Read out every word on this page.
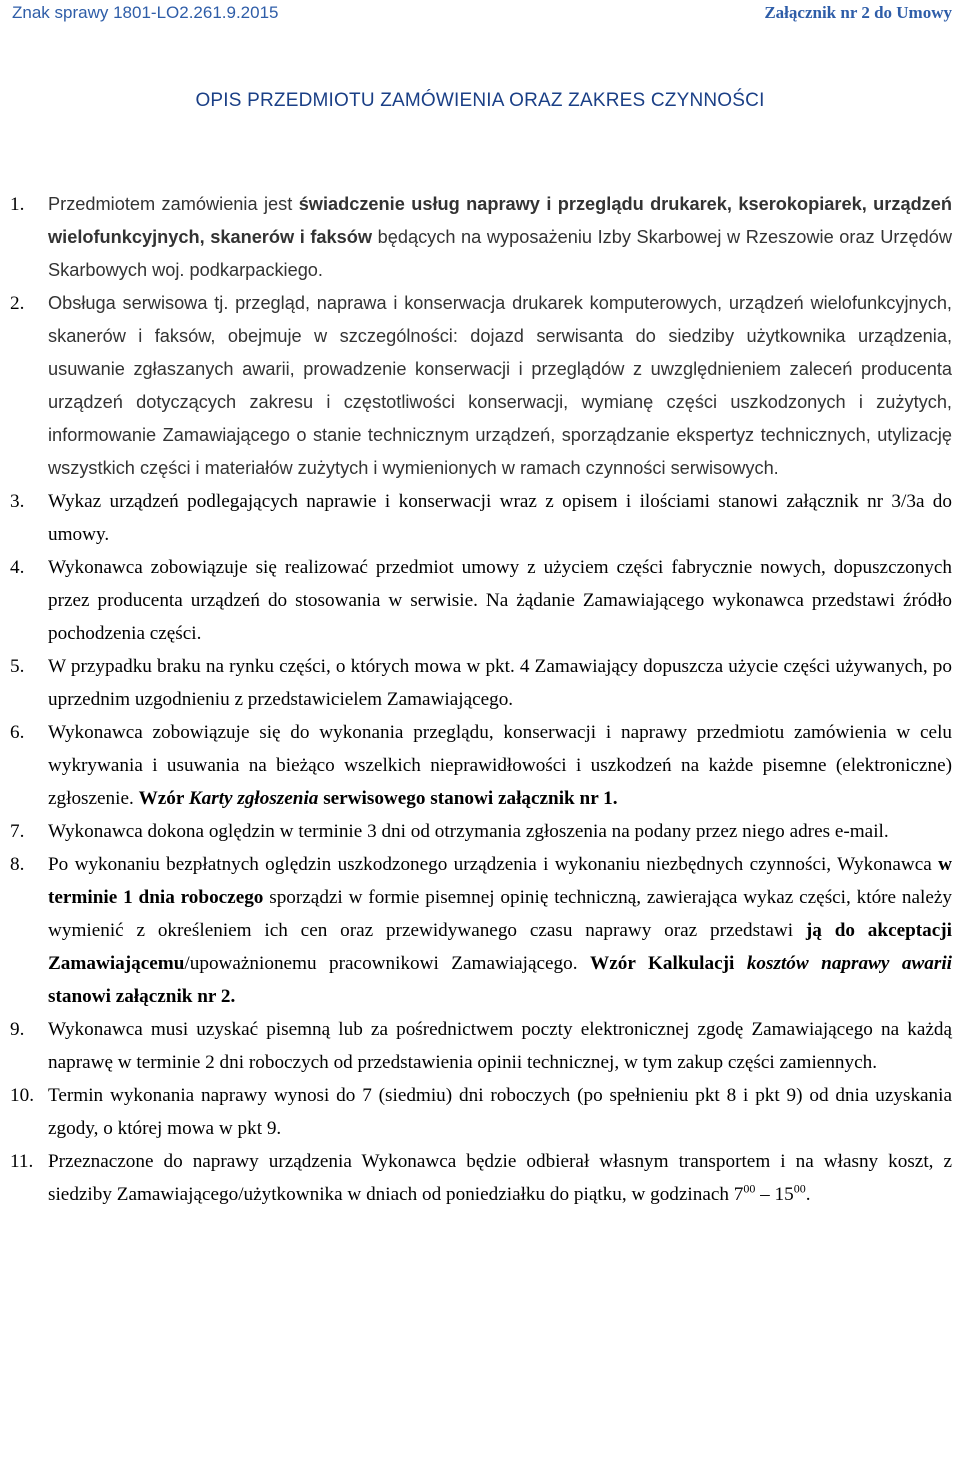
Znak sprawy 1801-LO2.261.9.2015	Załącznik nr 2 do Umowy
OPIS PRZEDMIOTU ZAMÓWIENIA ORAZ ZAKRES CZYNNOŚCI
1.	Przedmiotem zamówienia jest świadczenie usług naprawy i przeglądu drukarek, kserokopiarek, urządzeń wielofunkcyjnych, skanerów i faksów będących na wyposażeniu Izby Skarbowej w Rzeszowie oraz Urzędów Skarbowych woj. podkarpackiego.
2.	Obsługa serwisowa tj. przegląd, naprawa i konserwacja drukarek komputerowych, urządzeń wielofunkcyjnych, skanerów i faksów, obejmuje w szczególności: dojazd serwisanta do siedziby użytkownika urządzenia, usuwanie zgłaszanych awarii, prowadzenie konserwacji i przeglądów z uwzględnieniem zaleceń producenta urządzeń dotyczących zakresu i częstotliwości konserwacji, wymianę części uszkodzonych i zużytych, informowanie Zamawiającego o stanie technicznym urządzeń, sporządzanie ekspertyz technicznych, utylizację wszystkich części i materiałów zużytych i wymienionych w ramach czynności serwisowych.
3.	Wykaz urządzeń podlegających naprawie i konserwacji wraz z opisem i ilościami stanowi załącznik nr 3/3a do umowy.
4.	Wykonawca zobowiązuje się realizować przedmiot umowy z użyciem części fabrycznie nowych, dopuszczonych przez producenta urządzeń do stosowania w serwisie. Na żądanie Zamawiającego wykonawca przedstawi źródło pochodzenia części.
5.	W przypadku braku na rynku części, o których mowa w pkt. 4 Zamawiający dopuszcza użycie części używanych, po uprzednim uzgodnieniu z przedstawicielem Zamawiającego.
6.	Wykonawca zobowiązuje się do wykonania przeglądu, konserwacji i naprawy przedmiotu zamówienia w celu wykrywania i usuwania na bieżąco wszelkich nieprawidłowości i uszkodzeń na każde pisemne (elektroniczne) zgłoszenie. Wzór Karty zgłoszenia serwisowego stanowi załącznik nr 1.
7.	Wykonawca dokona oględzin w terminie 3 dni od otrzymania zgłoszenia na podany przez niego adres e-mail.
8.	Po wykonaniu bezpłatnych oględzin uszkodzonego urządzenia i wykonaniu niezbędnych czynności, Wykonawca w terminie 1 dnia roboczego sporządzi w formie pisemnej opinię techniczną, zawierająca wykaz części, które należy wymienić z określeniem ich cen oraz przewidywanego czasu naprawy oraz przedstawi ją do akceptacji Zamawiającemu/upoważnionemu pracownikowi Zamawiającego. Wzór Kalkulacji kosztów naprawy awarii stanowi załącznik nr 2.
9.	Wykonawca musi uzyskać pisemną lub za pośrednictwem poczty elektronicznej zgodę Zamawiającego na każdą naprawę w terminie 2 dni roboczych od przedstawienia opinii technicznej, w tym zakup części zamiennych.
10. Termin wykonania naprawy wynosi do 7 (siedmiu) dni roboczych (po spełnieniu pkt 8 i pkt 9) od dnia uzyskania zgody, o której mowa w pkt 9.
11. Przeznaczone do naprawy urządzenia Wykonawca będzie odbierał własnym transportem i na własny koszt, z siedziby Zamawiającego/użytkownika w dniach od poniedziałku do piątku, w godzinach $7^{00} - 15^{00}$.
